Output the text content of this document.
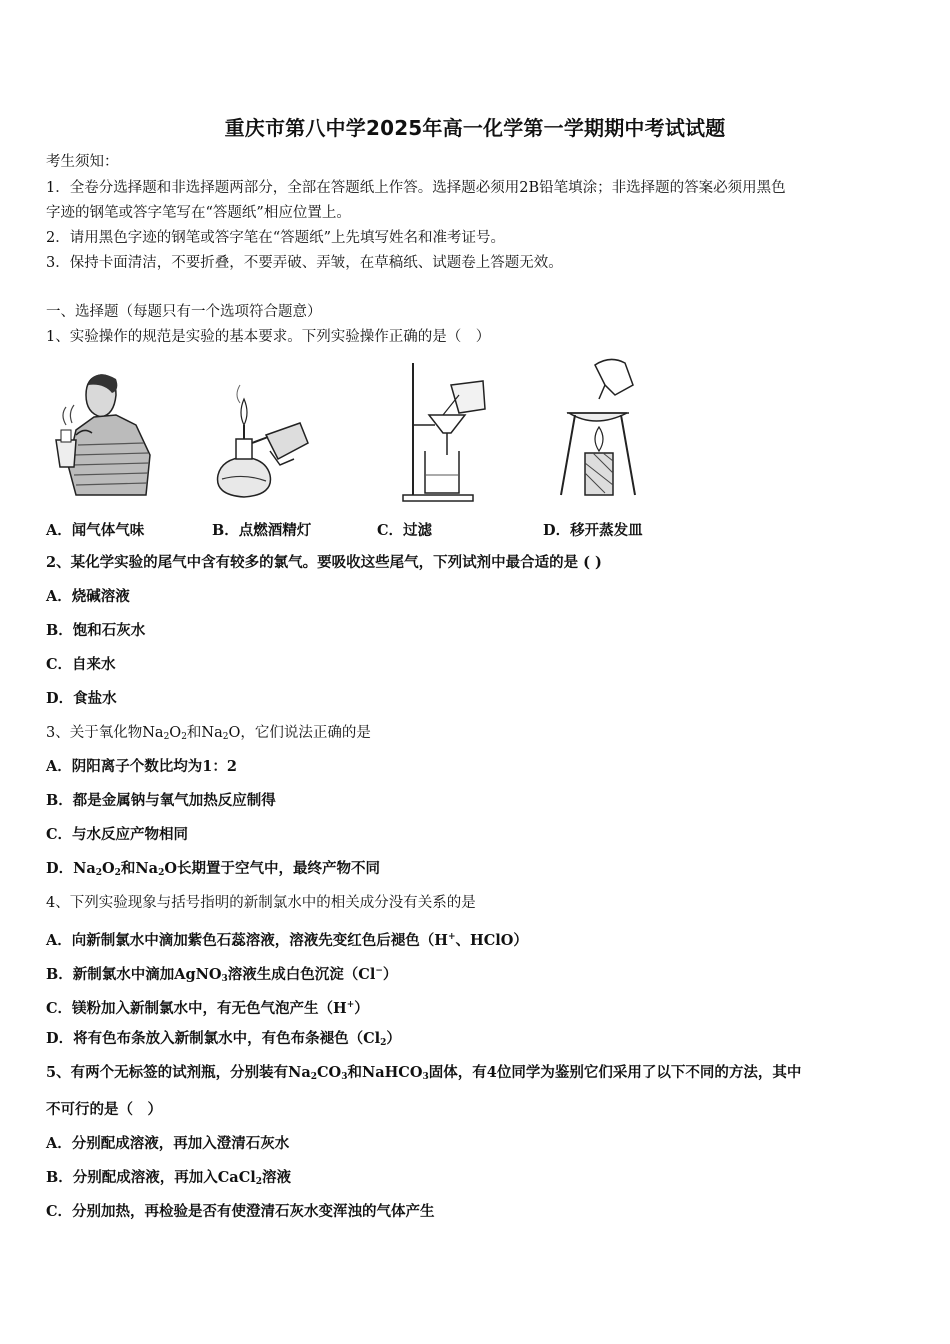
重庆市第八中学2025年高一化学第一学期期中考试试题
考生须知：
1．全卷分选择题和非选择题两部分，全部在答题纸上作答。选择题必须用2B铅笔填涂；非选择题的答案必须用黑色
字迹的钢笔或答字笔写在“答题纸”相应位置上。
2．请用黑色字迹的钢笔或答字笔在“答题纸”上先填写姓名和准考证号。
3．保持卡面清洁，不要折叠，不要弄破、弄皱，在草稿纸、试题卷上答题无效。
一、选择题（每题只有一个选项符合题意）
1、实验操作的规范是实验的基本要求。下列实验操作正确的是（　）
A．闻气体气味	B．点燃酒精灯	C．过滤	D．移开蒸发皿
2、某化学实验的尾气中含有较多的氯气。要吸收这些尾气，下列试剂中最合适的是 ( )
A．烧碱溶液
B．饱和石灰水
C．自来水
D．食盐水
3、关于氧化物$Na_2O_2$和$Na_2O$，它们说法正确的是
A．阴阳离子个数比均为1：2
B．都是金属钠与氧气加热反应制得
C．与水反应产物相同
D．$Na_2O_2$和$Na_2O$长期置于空气中，最终产物不同
4、下列实验现象与括号指明的新制氯水中的相关成分没有关系的是
A．向新制氯水中滴加紫色石蕊溶液，溶液先变红色后褪色（H+、HClO）
B．新制氯水中滴加AgNO$_3$溶液生成白色沉淀（Cl−）
C．镁粉加入新制氯水中，有无色气泡产生（H+）
D．将有色布条放入新制氯水中，有色布条褪色$(Cl_2)$
5、有两个无标签的试剂瓶，分别装有$Na_2CO_3$和NaHCO$_3$固体，有4位同学为鉴别它们采用了以下不同的方法，其中
不可行的是（　）
A．分别配成溶液，再加入澄清石灰水
B．分别配成溶液，再加入CaCl$_2$溶液
C．分别加热，再检验是否有使澄清石灰水变浑浊的气体产生
